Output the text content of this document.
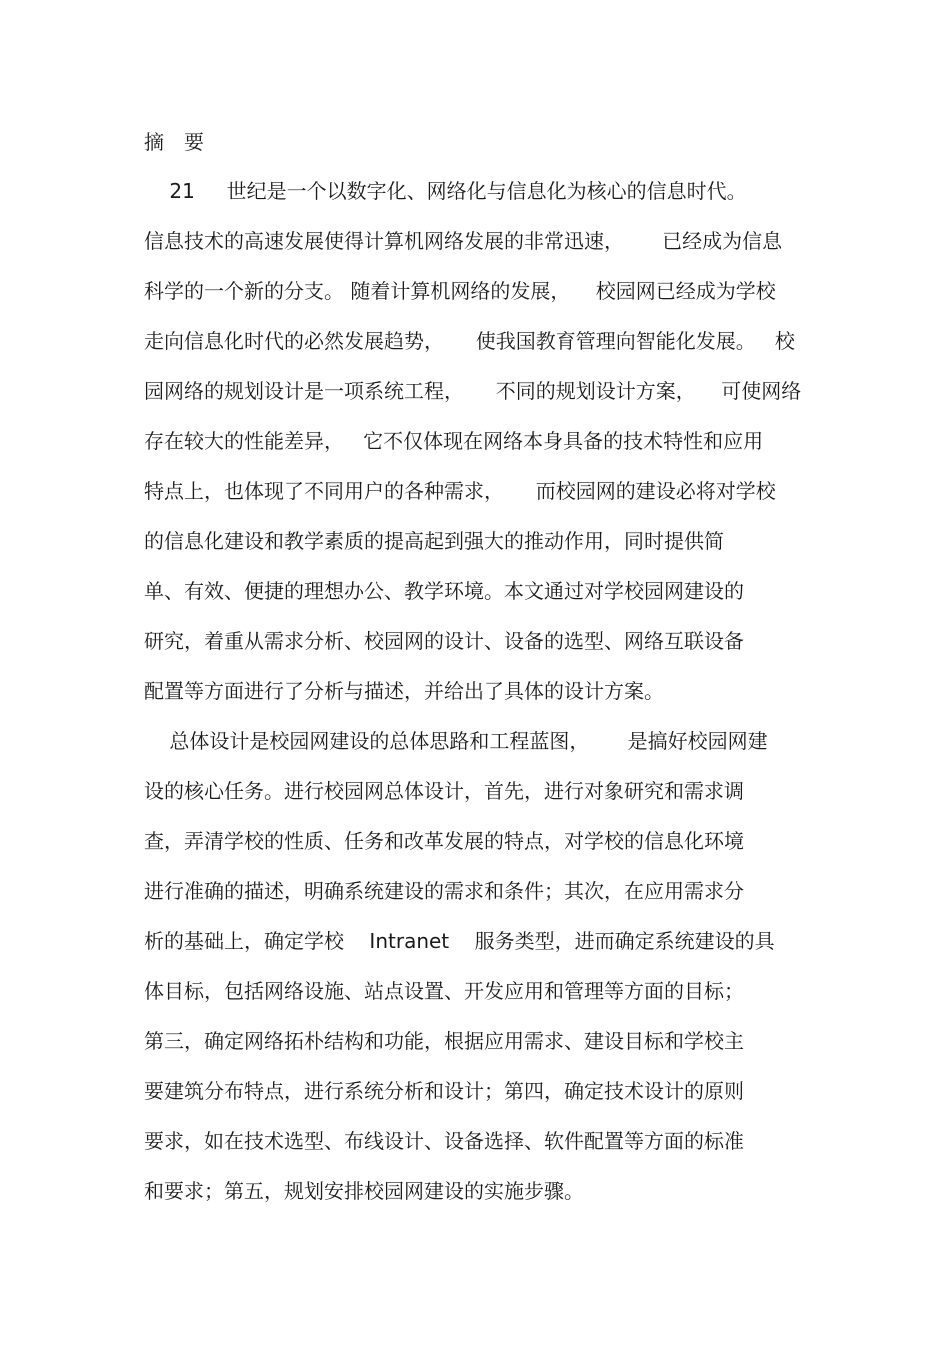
摘　要
21     世纪是一个以数字化、网络化与信息化为核心的信息时代。
信息技术的高速发展使得计算机网络发展的非常迅速，      已经成为信息
科学的一个新的分支。 随着计算机网络的发展，    校园网已经成为学校
走向信息化时代的必然发展趋势，     使我国教育管理向智能化发展。   校
园网络的规划设计是一项系统工程，     不同的规划设计方案，    可使网络
存在较大的性能差异，   它不仅体现在网络本身具备的技术特性和应用
特点上，也体现了不同用户的各种需求，     而校园网的建设必将对学校
的信息化建设和教学素质的提高起到强大的推动作用，同时提供简
单、有效、便捷的理想办公、教学环境。本文通过对学校园网建设的
研究，着重从需求分析、校园网的设计、设备的选型、网络互联设备
配置等方面进行了分析与描述，并给出了具体的设计方案。
总体设计是校园网建设的总体思路和工程蓝图，      是搞好校园网建
设的核心任务。进行校园网总体设计，首先，进行对象研究和需求调
查，弄清学校的性质、任务和改革发展的特点，对学校的信息化环境
进行准确的描述，明确系统建设的需求和条件；其次，在应用需求分
析的基础上，确定学校    Intranet    服务类型，进而确定系统建设的具
体目标，包括网络设施、站点设置、开发应用和管理等方面的目标；
第三，确定网络拓朴结构和功能，根据应用需求、建设目标和学校主
要建筑分布特点，进行系统分析和设计；第四，确定技术设计的原则
要求，如在技术选型、布线设计、设备选择、软件配置等方面的标准
和要求；第五，规划安排校园网建设的实施步骤。
